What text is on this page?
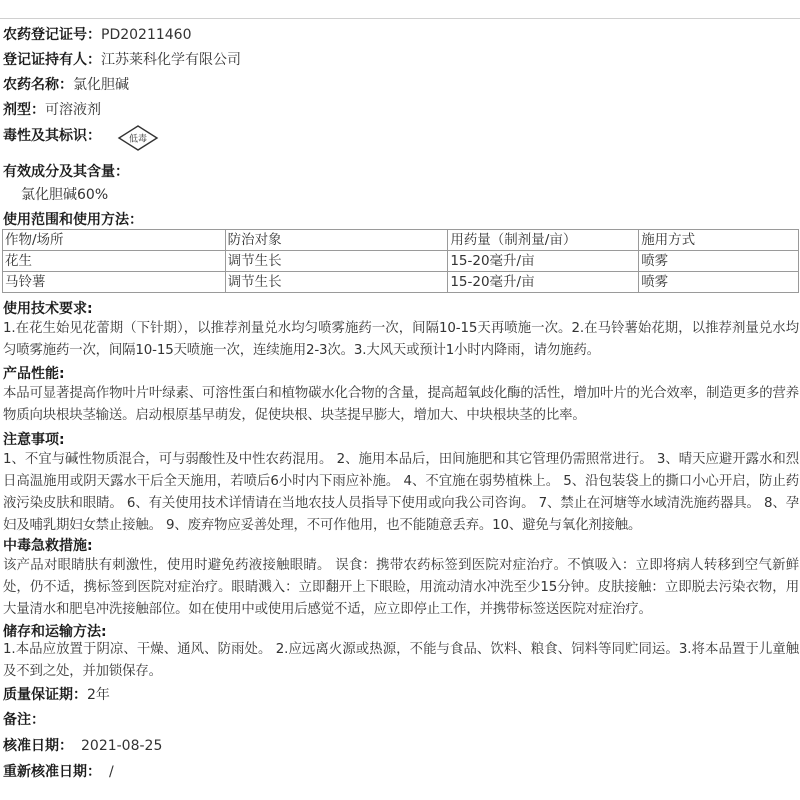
农药登记证号：PD20211460
登记证持有人：江苏莱科化学有限公司
农药名称：氯化胆碱
剂型：可溶液剂
毒性及其标识：	低毒
有效成分及其含量：
氯化胆碱60%
使用范围和使用方法：
作物/场所	防治对象	用药量（制剂量/亩）	施用方式
花生	调节生长	15-20毫升/亩	喷雾
马铃薯	调节生长	15-20毫升/亩	喷雾
使用技术要求:
1.在花生始见花蕾期（下针期），以推荐剂量兑水均匀喷雾施药一次，间隔10-15天再喷施一次。2.在马铃薯始花期，以推荐剂量兑水均匀喷雾施药一次，间隔10-15天喷施一次，连续施用2-3次。3.大风天或预计1小时内降雨，请勿施药。
产品性能:
本品可显著提高作物叶片叶绿素、可溶性蛋白和植物碳水化合物的含量，提高超氧歧化酶的活性，增加叶片的光合效率，制造更多的营养物质向块根块茎输送。启动根原基早萌发，促使块根、块茎提早膨大，增加大、中块根块茎的比率。
注意事项:
1、不宜与碱性物质混合，可与弱酸性及中性农药混用。 2、施用本品后，田间施肥和其它管理仍需照常进行。 3、晴天应避开露水和烈日高温施用或阴天露水干后全天施用，若喷后6小时内下雨应补施。 4、不宜施在弱势植株上。 5、沿包装袋上的撕口小心开启，防止药液污染皮肤和眼睛。 6、有关使用技术详情请在当地农技人员指导下使用或向我公司咨询。 7、禁止在河塘等水域清洗施药器具。 8、孕妇及哺乳期妇女禁止接触。 9、废弃物应妥善处理，不可作他用，也不能随意丢弃。10、避免与氧化剂接触。
中毒急救措施:
该产品对眼睛肤有刺激性，使用时避免药液接触眼睛。 误食：携带农药标签到医院对症治疗。不慎吸入：立即将病人转移到空气新鲜处，仍不适，携标签到医院对症治疗。眼睛溅入：立即翻开上下眼睑，用流动清水冲洗至少15分钟。皮肤接触：立即脱去污染衣物，用大量清水和肥皂冲洗接触部位。如在使用中或使用后感觉不适，应立即停止工作，并携带标签送医院对症治疗。
储存和运输方法:
1.本品应放置于阴凉、干燥、通风、防雨处。 2.应远离火源或热源，不能与食品、饮料、粮食、饲料等同贮同运。3.将本品置于儿童触及不到之处，并加锁保存。
质量保证期：2年
备注：
核准日期： 2021-08-25
重新核准日期： /
